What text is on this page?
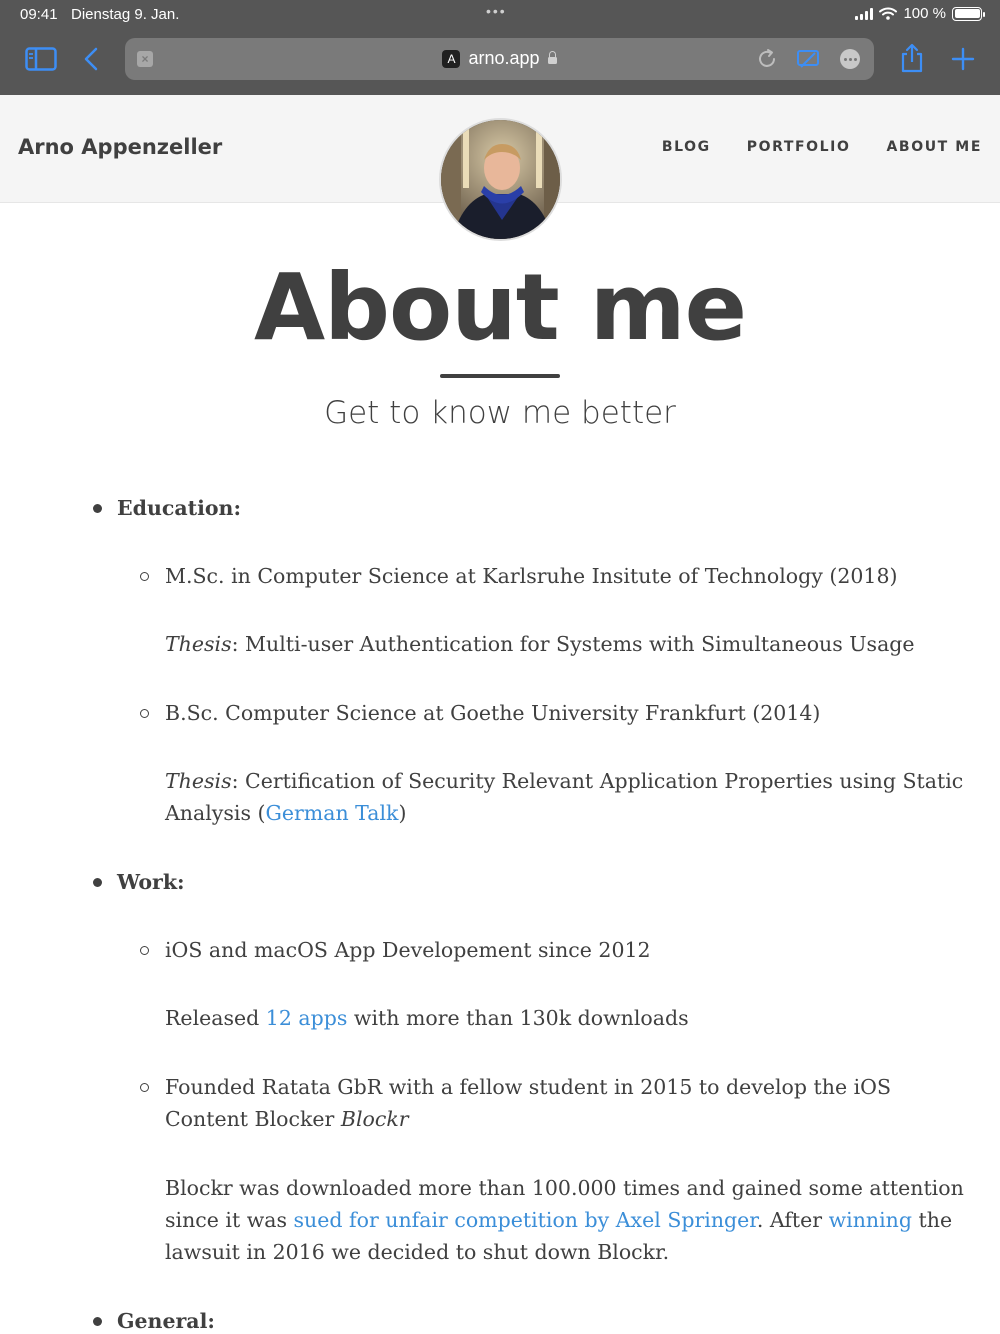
09:41 Dienstag 9. Jan.	•••	100 %
×	A arno.app
Arno Appenzeller	BLOG	PORTFOLIO	ABOUT ME
About me
Get to know me better
Education:
M.Sc. in Computer Science at Karlsruhe Insitute of Technology (2018)
Thesis: Multi-user Authentication for Systems with Simultaneous Usage
B.Sc. Computer Science at Goethe University Frankfurt (2014)
Thesis: Certification of Security Relevant Application Properties using Static
Analysis (German Talk)
Work:
iOS and macOS App Developement since 2012
Released 12 apps with more than 130k downloads
Founded Ratata GbR with a fellow student in 2015 to develop the iOS
Content Blocker Blockr
Blockr was downloaded more than 100.000 times and gained some attention
since it was sued for unfair competition by Axel Springer. After winning the
lawsuit in 2016 we decided to shut down Blockr.
General:
